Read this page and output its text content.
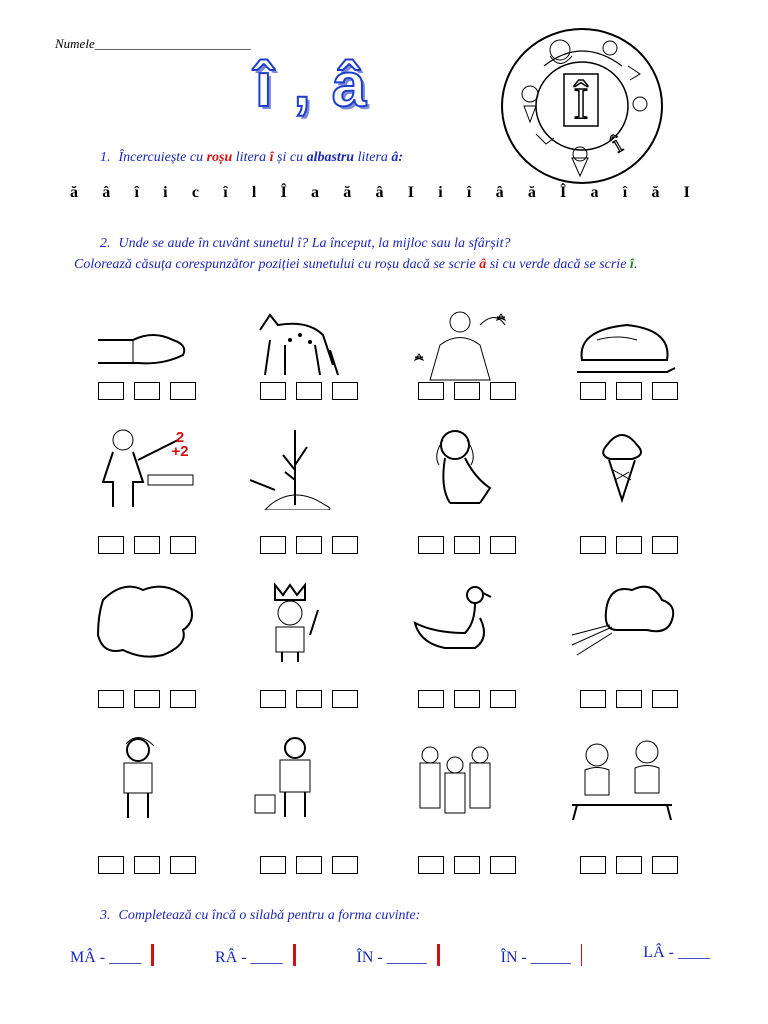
Numele________________________
î , â	Î
î
1. Încercuiește cu roșu litera î și cu albastru litera â:
ă â î i c î l Î a ă â I i î â ă Î a î ă I
2. Unde se aude în cuvânt sunetul î? La început, la mijloc sau la sfârșit?
Colorează căsuța corespunzător poziției sunetului cu roșu dacă se scrie â si cu verde dacă se scrie î.
2
+2
3. Completează cu încă o silabă pentru a forma cuvinte:
MÂ - ____	RÂ - ____	ÎN - _____	ÎN - _____	LÂ - ____
